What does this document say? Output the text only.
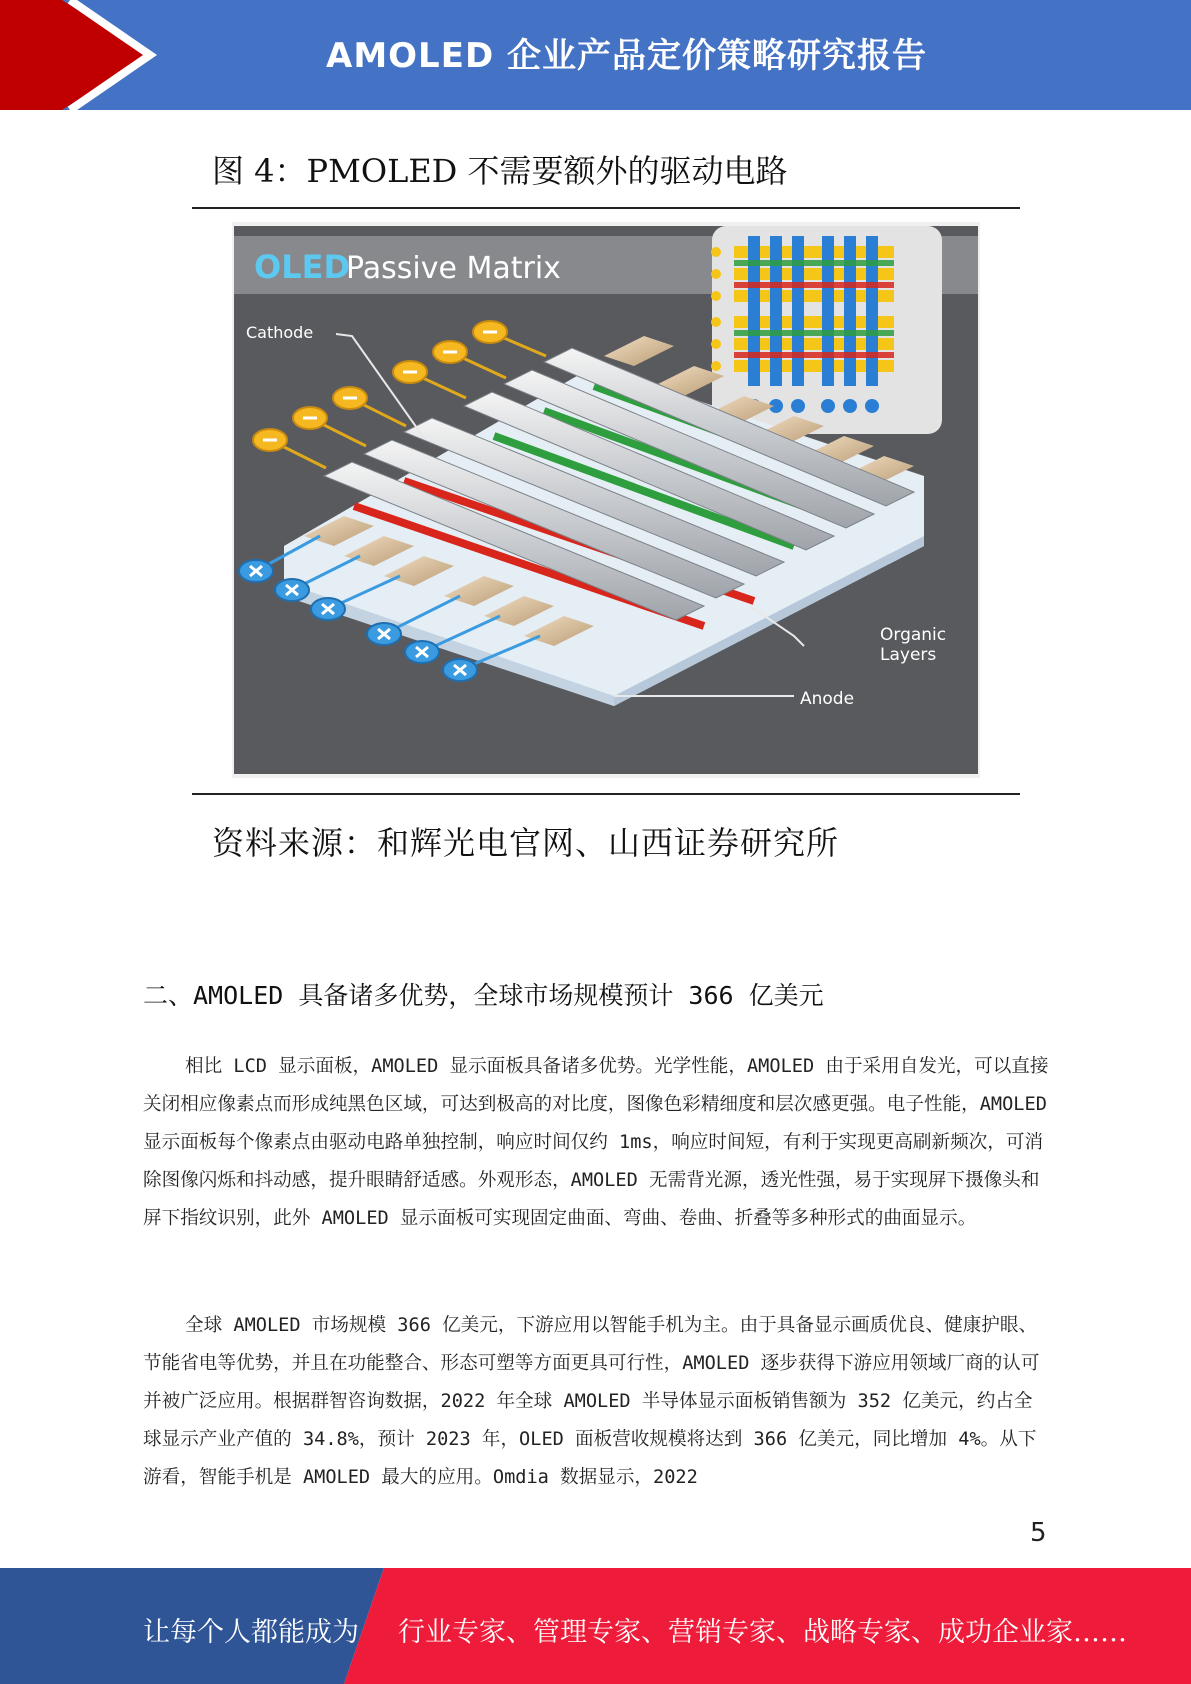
AMOLED 企业产品定价策略研究报告
图 4：PMOLED 不需要额外的驱动电路
OLED
Passive Matrix
Cathode
Organic
Layers
Anode
资料来源：和辉光电官网、山西证券研究所
二、AMOLED 具备诸多优势，全球市场规模预计 366 亿美元

相比 LCD 显示面板，AMOLED 显示面板具备诸多优势。光学性能，AMOLED 由于采用自发光，可以直接关闭相应像素点而形成纯黑色区域，可达到极高的对比度，图像色彩精细度和层次感更强。电子性能，AMOLED 显示面板每个像素点由驱动电路单独控制，响应时间仅约 1ms，响应时间短，有利于实现更高刷新频次，可消除图像闪烁和抖动感，提升眼睛舒适感。外观形态，AMOLED 无需背光源，透光性强，易于实现屏下摄像头和屏下指纹识别，此外 AMOLED 显示面板可实现固定曲面、弯曲、卷曲、折叠等多种形式的曲面显示。

全球 AMOLED 市场规模 366 亿美元，下游应用以智能手机为主。由于具备显示画质优良、健康护眼、节能省电等优势，并且在功能整合、形态可塑等方面更具可行性，AMOLED 逐步获得下游应用领域厂商的认可并被广泛应用。根据群智咨询数据，2022 年全球 AMOLED 半导体显示面板销售额为 352 亿美元，约占全球显示产业产值的 34.8%，预计 2023 年，OLED 面板营收规模将达到 366 亿美元，同比增加 4%。从下游看，智能手机是 AMOLED 最大的应用。Omdia 数据显示，2022

5
让每个人都能成为 行业专家、管理专家、营销专家、战略专家、成功企业家……
